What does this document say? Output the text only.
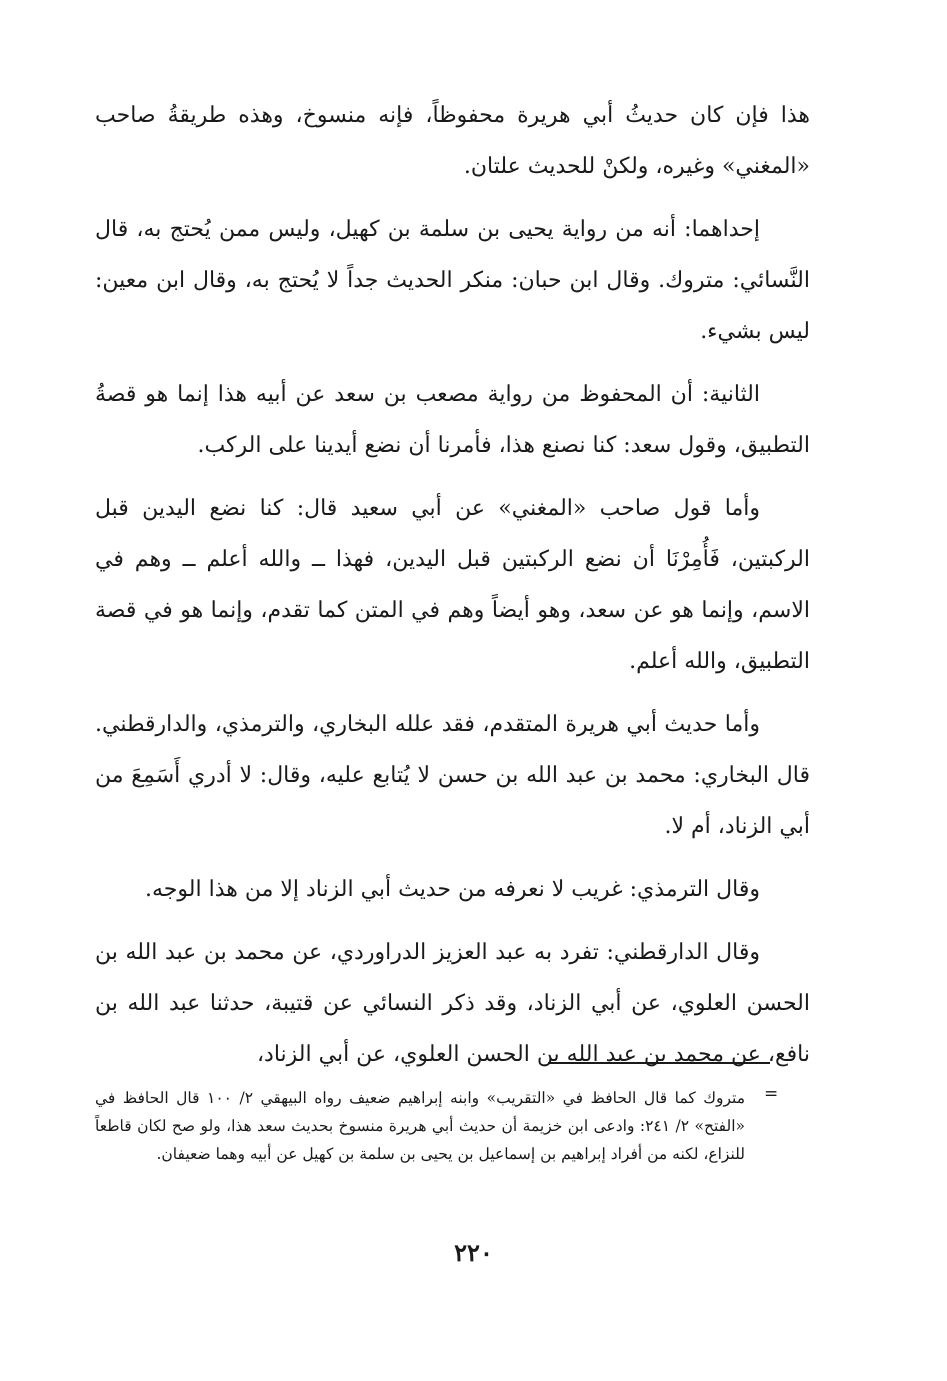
هذا فإن كان حديثُ أبي هريرة محفوظاً، فإنه منسوخ، وهذه طريقةُ صاحب «المغني» وغيره، ولكنْ للحديث علتان.

إحداهما: أنه من رواية يحيى بن سلمة بن كهيل، وليس ممن يُحتج به، قال النَّسائي: متروك. وقال ابن حبان: منكر الحديث جداً لا يُحتج به، وقال ابن معين: ليس بشيء.

الثانية: أن المحفوظ من رواية مصعب بن سعد عن أبيه هذا إنما هو قصةُ التطبيق، وقول سعد: كنا نصنع هذا، فأمرنا أن نضع أيدينا على الركب.

وأما قول صاحب «المغني» عن أبي سعيد قال: كنا نضع اليدين قبل الركبتين، فَأُمِرْنَا أن نضع الركبتين قبل اليدين، فهذا ــ والله أعلم ــ وهم في الاسم، وإنما هو عن سعد، وهو أيضاً وهم في المتن كما تقدم، وإنما هو في قصة التطبيق، والله أعلم.

وأما حديث أبي هريرة المتقدم، فقد علله البخاري، والترمذي، والدارقطني. قال البخاري: محمد بن عبد الله بن حسن لا يُتابع عليه، وقال: لا أدري أَسَمِعَ من أبي الزناد، أم لا.

وقال الترمذي: غريب لا نعرفه من حديث أبي الزناد إلا من هذا الوجه.

وقال الدارقطني: تفرد به عبد العزيز الدراوردي، عن محمد بن عبد الله بن الحسن العلوي، عن أبي الزناد، وقد ذكر النسائي عن قتيبة، حدثنا عبد الله بن نافع، عن محمد بن عبد الله بن الحسن العلوي، عن أبي الزناد،

=

متروك كما قال الحافظ في «التقريب» وابنه إبراهيم ضعيف رواه البيهقي ٢/ ١٠٠ قال الحافظ في «الفتح» ٢/ ٢٤١: وادعى ابن خزيمة أن حديث أبي هريرة منسوخ بحديث سعد هذا، ولو صح لكان قاطعاً للنزاع، لكنه من أفراد إبراهيم بن إسماعيل بن يحيى بن سلمة بن كهيل عن أبيه وهما ضعيفان.

٢٢٠
